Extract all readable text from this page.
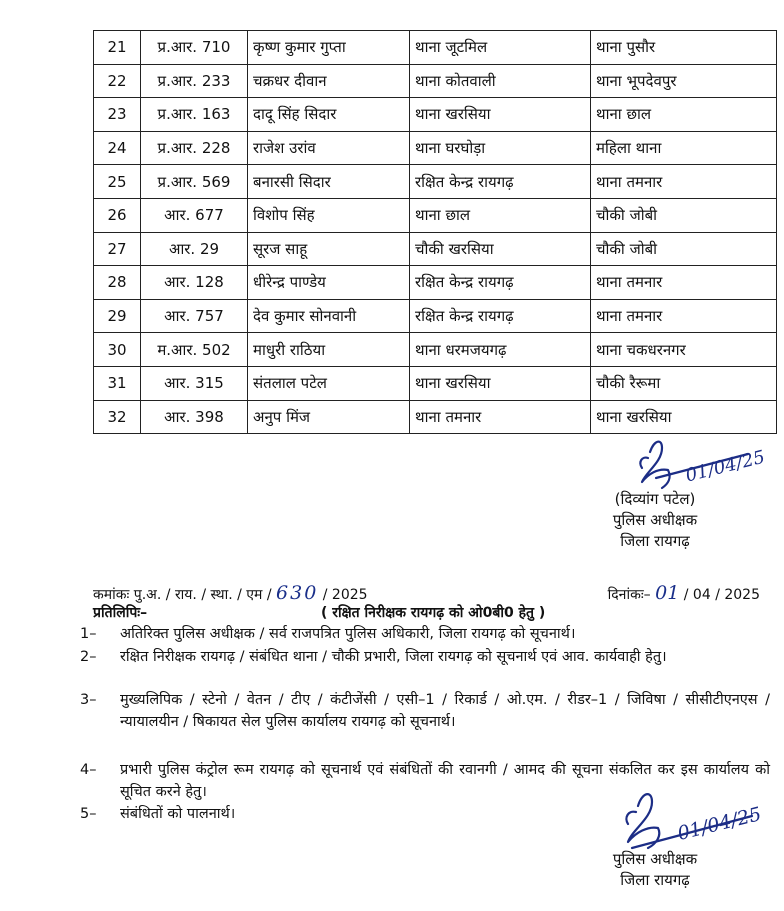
21	प्र.आर. 710	कृष्ण कुमार गुप्ता	थाना जूटमिल	थाना पुसौर
22	प्र.आर. 233	चक्रधर दीवान	थाना कोतवाली	थाना भूपदेवपुर
23	प्र.आर. 163	दादू सिंह सिदार	थाना खरसिया	थाना छाल
24	प्र.आर. 228	राजेश उरांव	थाना घरघोड़ा	महिला थाना
25	प्र.आर. 569	बनारसी सिदार	रक्षित केन्द्र रायगढ़	थाना तमनार
26	आर. 677	विशोप सिंह	थाना छाल	चौकी जोबी
27	आर. 29	सूरज साहू	चौकी खरसिया	चौकी जोबी
28	आर. 128	धीरेन्द्र पाण्डेय	रक्षित केन्द्र रायगढ़	थाना तमनार
29	आर. 757	देव कुमार सोनवानी	रक्षित केन्द्र रायगढ़	थाना तमनार
30	म.आर. 502	माधुरी राठिया	थाना धरमजयगढ़	थाना चकधरनगर
31	आर. 315	संतलाल पटेल	थाना खरसिया	चौकी रैरूमा
32	आर. 398	अनुप मिंज	थाना तमनार	थाना खरसिया
01/04/25
(दिव्यांग पटेल)
पुलिस अधीक्षक
जिला रायगढ़
कमांकः पु.अ. / राय. / स्था. / एम / 630 / 2025	दिनांकः– 01 / 04 / 2025
प्रतिलिपिः–	( रक्षित निरीक्षक रायगढ़ को ओ0बी0 हेतु )
1– अतिरिक्त पुलिस अधीक्षक / सर्व राजपत्रित पुलिस अधिकारी, जिला रायगढ़ को सूचनार्थ।
2– रक्षित निरीक्षक रायगढ़ / संबंधित थाना / चौकी प्रभारी, जिला रायगढ़ को सूचनार्थ एवं आव. कार्यवाही हेतु।
3– मुख्यलिपिक / स्टेनो / वेतन / टीए / कंटीजेंसी / एसी–1 / रिकार्ड / ओ.एम. / रीडर–1 / जिविषा / सीसीटीएनएस / न्यायालयीन / षिकायत सेल पुलिस कार्यालय रायगढ़ को सूचनार्थ।
4– प्रभारी पुलिस कंट्रोल रूम रायगढ़ को सूचनार्थ एवं संबंधितों की रवानगी / आमद की सूचना संकलित कर इस कार्यालय को सूचित करने हेतु।
5– संबंधितों को पालनार्थ।	01/04/25
पुलिस अधीक्षक
जिला रायगढ़
